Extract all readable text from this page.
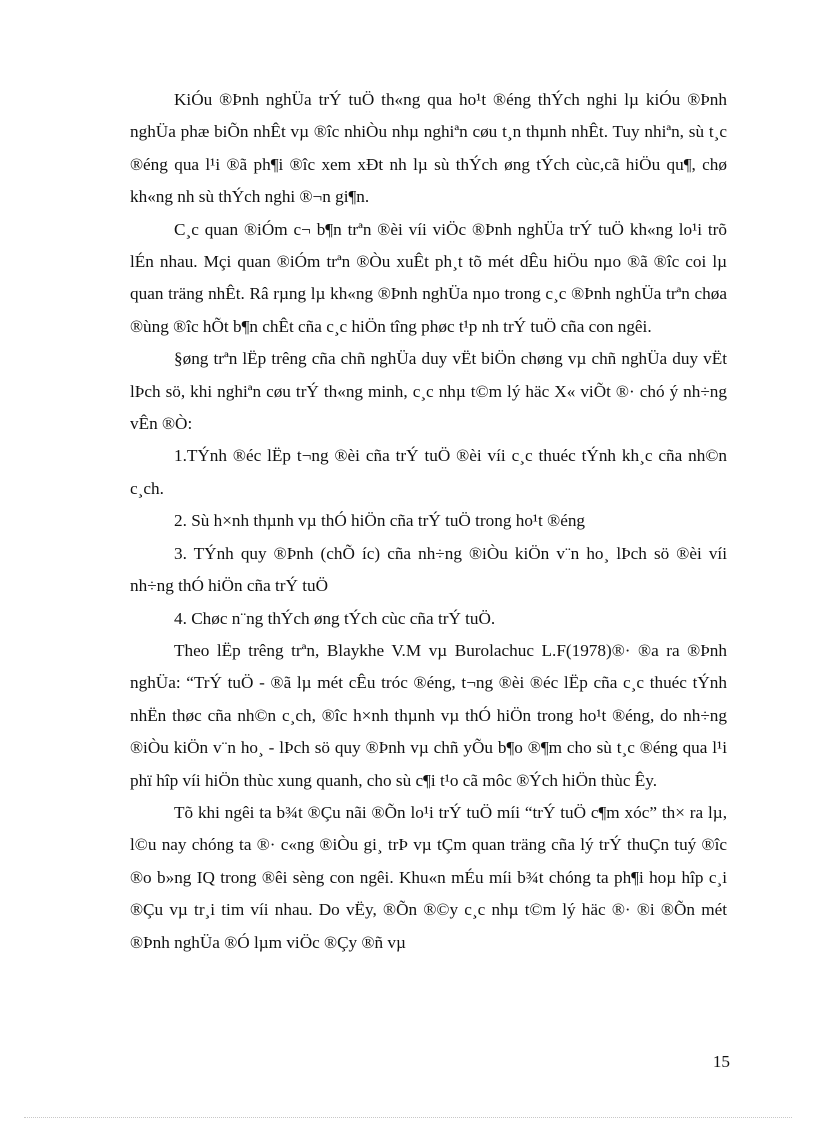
KiÓu ®Þnh nghÜa trÝ tuÖ th«ng qua ho¹t ®éng thÝch nghi lµ kiÓu ®Þnh nghÜa phæ biÕn nhÊt vµ ®îc nhiÒu nhµ nghiªn cøu t¸n thµnh nhÊt. Tuy nhiªn, sù t¸c ®éng qua l¹i ®ã ph¶i ®îc xem xÐt nh lµ sù thÝch øng tÝch cùc,cã hiÖu qu¶, chø kh«ng nh sù thÝch nghi ®¬n gi¶n.

C¸c quan ®iÓm c¬ b¶n trªn ®èi víi viÖc ®Þnh nghÜa trÝ tuÖ kh«ng lo¹i trõ lÉn nhau. Mçi quan ®iÓm trªn ®Òu xuÊt ph¸t tõ mét dÊu hiÖu nµo ®ã ®îc coi lµ quan träng nhÊt. Râ rµng lµ kh«ng ®Þnh nghÜa nµo trong c¸c ®Þnh nghÜa trªn chøa ®ùng ®îc hÕt b¶n chÊt cña c¸c hiÖn tîng phøc t¹p nh trÝ tuÖ cña con ngêi.

§øng trªn lËp trêng cña chñ nghÜa duy vËt biÖn chøng vµ chñ nghÜa duy vËt lÞch sö, khi nghiªn cøu trÝ th«ng minh, c¸c nhµ t©m lý häc X« viÕt ®· chó ý nh÷ng vÊn ®Ò:

1.TÝnh ®éc lËp t¬ng ®èi cña trÝ tuÖ ®èi víi c¸c thuéc tÝnh kh¸c cña nh©n c¸ch.

2. Sù h×nh thµnh vµ thÓ hiÖn cña trÝ tuÖ trong ho¹t ®éng

3. TÝnh quy ®Þnh (chÕ íc) cña nh÷ng ®iÒu kiÖn v¨n ho¸ lÞch sö ®èi víi nh÷ng thÓ hiÖn cña trÝ tuÖ

4. Chøc n¨ng thÝch øng tÝch cùc cña trÝ tuÖ.

Theo lËp trêng trªn, Blaykhe V.M vµ Burolachuc L.F(1978)®· ®a ra ®Þnh nghÜa: “TrÝ tuÖ - ®ã lµ mét cÊu tróc ®éng, t¬ng ®èi ®éc lËp cña c¸c thuéc tÝnh nhËn thøc cña nh©n c¸ch, ®îc h×nh thµnh vµ thÓ hiÖn trong ho¹t ®éng, do nh÷ng ®iÒu kiÖn v¨n ho¸ - lÞch sö quy ®Þnh vµ chñ yÕu b¶o ®¶m cho sù t¸c ®éng qua l¹i phï hîp víi hiÖn thùc xung quanh, cho sù c¶i t¹o cã môc ®Ých hiÖn thùc Êy.

Tõ khi ngêi ta b¾t ®Çu nãi ®Õn lo¹i trÝ tuÖ míi “trÝ tuÖ c¶m xóc” th× ra lµ, l©u nay chóng ta ®· c«ng ®iÒu gi¸ trÞ vµ tÇm quan träng cña lý trÝ thuÇn tuý ®îc ®o b»ng IQ trong ®êi sèng con ngêi. Khu«n mÉu míi b¾t chóng ta ph¶i hoµ hîp c¸i ®Çu vµ tr¸i tim víi nhau. Do vËy, ®Õn ®©y c¸c nhµ t©m lý häc ®· ®i ®Õn mét ®Þnh nghÜa ®Ó lµm viÖc ®Çy ®ñ vµ

15
